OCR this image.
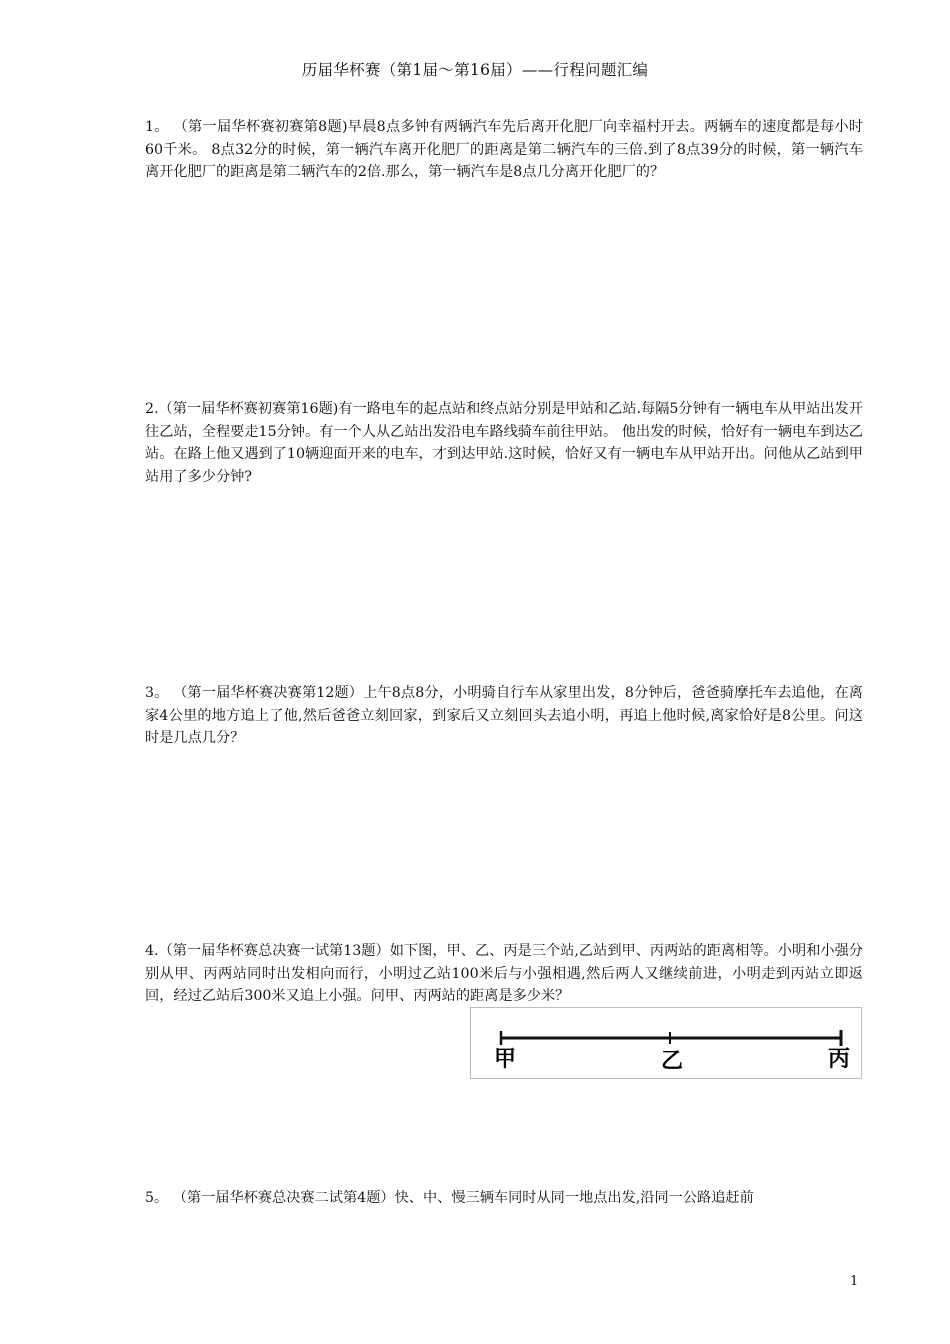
历届华杯赛（第1届～第16届）——行程问题汇编

1。 （第一届华杯赛初赛第8题)早晨8点多钟有两辆汽车先后离开化肥厂向幸福村开去。两辆车的速度都是每小时60千米。 8点32分的时候，第一辆汽车离开化肥厂的距离是第二辆汽车的三倍.到了8点39分的时候，第一辆汽车离开化肥厂的距离是第二辆汽车的2倍.那么，第一辆汽车是8点几分离开化肥厂的？

2.（第一届华杯赛初赛第16题)有一路电车的起点站和终点站分别是甲站和乙站.每隔5分钟有一辆电车从甲站出发开往乙站，全程要走15分钟。有一个人从乙站出发沿电车路线骑车前往甲站。 他出发的时候，恰好有一辆电车到达乙站。在路上他又遇到了10辆迎面开来的电车，才到达甲站.这时候，恰好又有一辆电车从甲站开出。问他从乙站到甲站用了多少分钟?

3。 （第一届华杯赛决赛第12题）上午8点8分，小明骑自行车从家里出发，8分钟后，爸爸骑摩托车去追他，在离家4公里的地方追上了他,然后爸爸立刻回家，到家后又立刻回头去追小明，再追上他时候,离家恰好是8公里。问这时是几点几分？

4.（第一届华杯赛总决赛一试第13题）如下图，甲、乙、丙是三个站,乙站到甲、丙两站的距离相等。小明和小强分别从甲、丙两站同时出发相向而行，小明过乙站100米后与小强相遇,然后两人又继续前进，小明走到丙站立即返回，经过乙站后300米又追上小强。问甲、丙两站的距离是多少米？

甲	乙	丙

5。 （第一届华杯赛总决赛二试第4题）快、中、慢三辆车同时从同一地点出发,沿同一公路追赶前

1
